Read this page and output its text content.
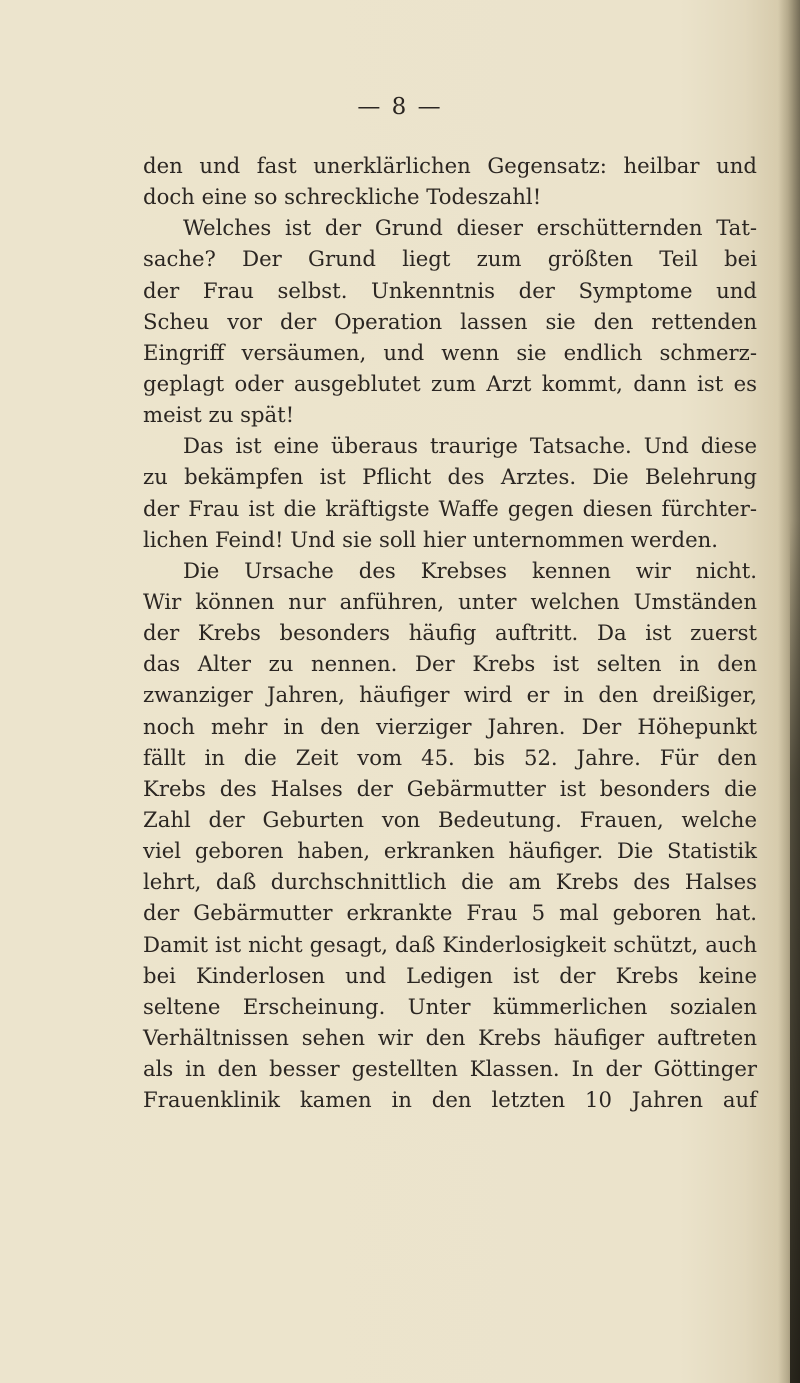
— 8 —
den und fast unerklärlichen Gegensatz: heilbar und
doch eine so schreckliche Todeszahl!
Welches ist der Grund dieser erschütternden Tat-
sache? Der Grund liegt zum größten Teil bei
der Frau selbst. Unkenntnis der Symptome und
Scheu vor der Operation lassen sie den rettenden
Eingriff versäumen, und wenn sie endlich schmerz-
geplagt oder ausgeblutet zum Arzt kommt, dann ist es
meist zu spät!
Das ist eine überaus traurige Tatsache. Und diese
zu bekämpfen ist Pflicht des Arztes. Die Belehrung
der Frau ist die kräftigste Waffe gegen diesen fürchter-
lichen Feind! Und sie soll hier unternommen werden.
Die Ursache des Krebses kennen wir nicht.
Wir können nur anführen, unter welchen Umständen
der Krebs besonders häufig auftritt. Da ist zuerst
das Alter zu nennen. Der Krebs ist selten in den
zwanziger Jahren, häufiger wird er in den dreißiger,
noch mehr in den vierziger Jahren. Der Höhepunkt
fällt in die Zeit vom 45. bis 52. Jahre. Für den
Krebs des Halses der Gebärmutter ist besonders die
Zahl der Geburten von Bedeutung. Frauen, welche
viel geboren haben, erkranken häufiger. Die Statistik
lehrt, daß durchschnittlich die am Krebs des Halses
der Gebärmutter erkrankte Frau 5 mal geboren hat.
Damit ist nicht gesagt, daß Kinderlosigkeit schützt, auch
bei Kinderlosen und Ledigen ist der Krebs keine
seltene Erscheinung. Unter kümmerlichen sozialen
Verhältnissen sehen wir den Krebs häufiger auftreten
als in den besser gestellten Klassen. In der Göttinger
Frauenklinik kamen in den letzten 10 Jahren auf
